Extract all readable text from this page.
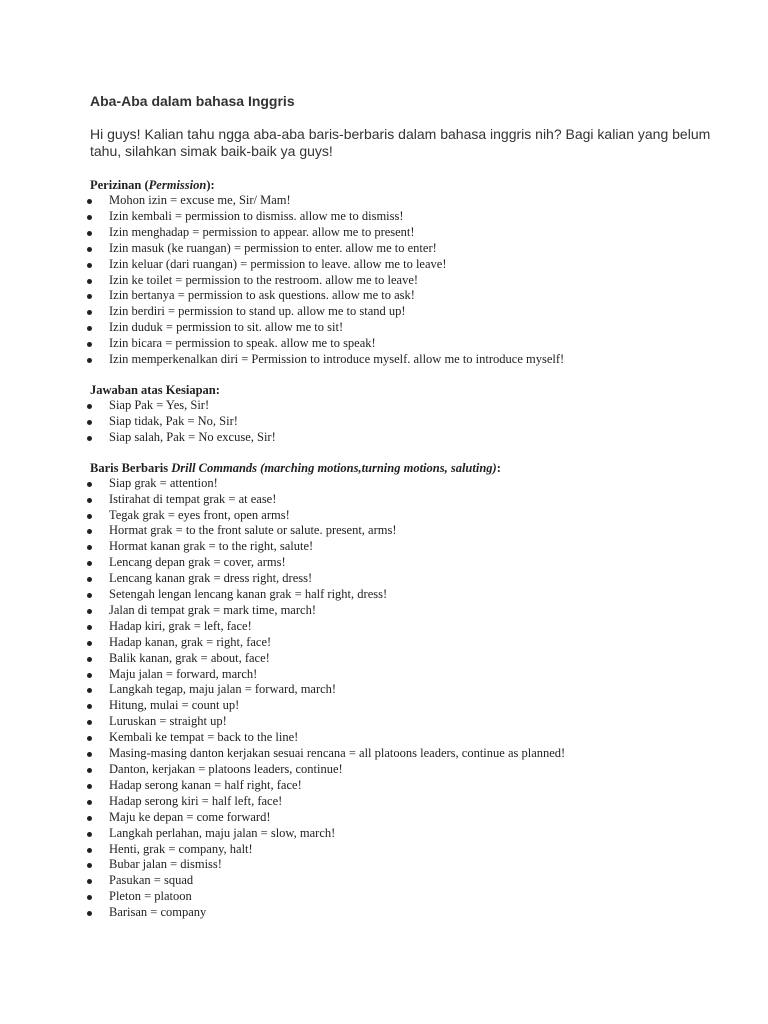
Aba-Aba dalam bahasa Inggris

Hi guys! Kalian tahu ngga aba-aba baris-berbaris dalam bahasa inggris nih? Bagi kalian yang belum tahu, silahkan simak baik-baik ya guys!

Perizinan (Permission):

Mohon izin = excuse me, Sir/ Mam!
Izin kembali = permission to dismiss. allow me to dismiss!
Izin menghadap = permission to appear. allow me to present!
Izin masuk (ke ruangan) = permission to enter. allow me to enter!
Izin keluar (dari ruangan) = permission to leave. allow me to leave!
Izin ke toilet = permission to the restroom. allow me to leave!
Izin bertanya = permission to ask questions. allow me to ask!
Izin berdiri = permission to stand up. allow me to stand up!
Izin duduk = permission to sit. allow me to sit!
Izin bicara = permission to speak. allow me to speak!
Izin memperkenalkan diri = Permission to introduce myself. allow me to introduce myself!

Jawaban atas Kesiapan:

Siap Pak = Yes, Sir!
Siap tidak, Pak = No, Sir!
Siap salah, Pak = No excuse, Sir!

Baris Berbaris Drill Commands (marching motions,turning motions, saluting):

Siap grak = attention!
Istirahat di tempat grak = at ease!
Tegak grak = eyes front, open arms!
Hormat grak = to the front salute or salute. present, arms!
Hormat kanan grak = to the right, salute!
Lencang depan grak = cover, arms!
Lencang kanan grak = dress right, dress!
Setengah lengan lencang kanan grak = half right, dress!
Jalan di tempat grak = mark time, march!
Hadap kiri, grak = left, face!
Hadap kanan, grak = right, face!
Balik kanan, grak = about, face!
Maju jalan = forward, march!
Langkah tegap, maju jalan = forward, march!
Hitung, mulai = count up!
Luruskan = straight up!
Kembali ke tempat = back to the line!
Masing-masing danton kerjakan sesuai rencana = all platoons leaders, continue as planned!
Danton, kerjakan = platoons leaders, continue!
Hadap serong kanan = half right, face!
Hadap serong kiri = half left, face!
Maju ke depan = come forward!
Langkah perlahan, maju jalan = slow, march!
Henti, grak = company, halt!
Bubar jalan = dismiss!
Pasukan = squad
Pleton = platoon
Barisan = company
